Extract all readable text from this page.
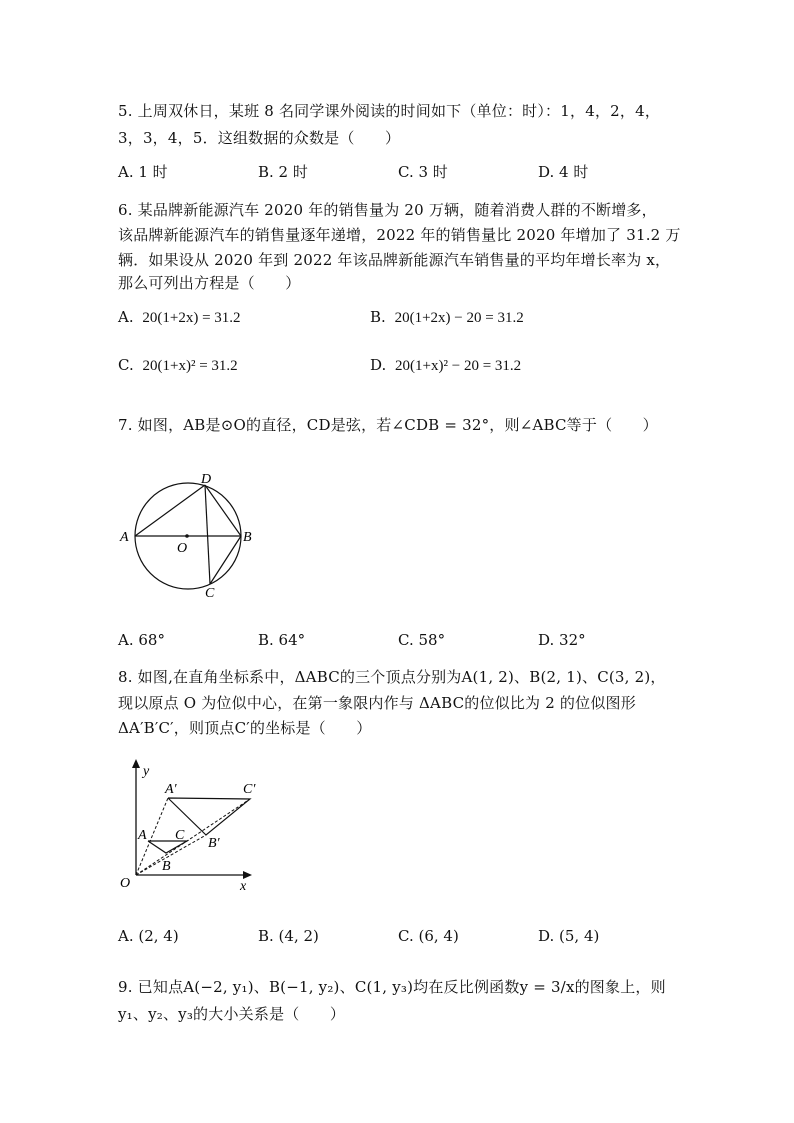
5. 上周双休日，某班 8 名同学课外阅读的时间如下（单位：时）：1，4，2，4，
3，3，4，5．这组数据的众数是（　　）
A. 1 时	B. 2 时	C. 3 时	D. 4 时
6. 某品牌新能源汽车 2020 年的销售量为 20 万辆，随着消费人群的不断增多，
该品牌新能源汽车的销售量逐年递增，2022 年的销售量比 2020 年增加了 31.2 万
辆．如果设从 2020 年到 2022 年该品牌新能源汽车销售量的平均年增长率为 x，
那么可列出方程是（　　）
A. 20(1+2x) = 31.2	B. 20(1+2x) − 20 = 31.2
C. 20(1+x)² = 31.2	D. 20(1+x)² − 20 = 31.2
7. 如图，AB是⊙O的直径，CD是弦，若∠CDB = 32°，则∠ABC等于（　　）
A	B
C
D
O
A. 68°	B. 64°	C. 58°	D. 32°
8. 如图,在直角坐标系中，ΔABC的三个顶点分别为A(1, 2)、B(2, 1)、C(3, 2)，
现以原点 O 为位似中心，在第一象限内作与 ΔABC的位似比为 2 的位似图形
ΔA′B′C′，则顶点C′的坐标是（　　）
y
x
O
A
B
C
A′
B′
C′
A. (2, 4)	B. (4, 2)	C. (6, 4)	D. (5, 4)
9. 已知点A(−2, y₁)、B(−1, y₂)、C(1, y₃)均在反比例函数y = 3/x的图象上，则
y₁、y₂、y₃的大小关系是（　　）
